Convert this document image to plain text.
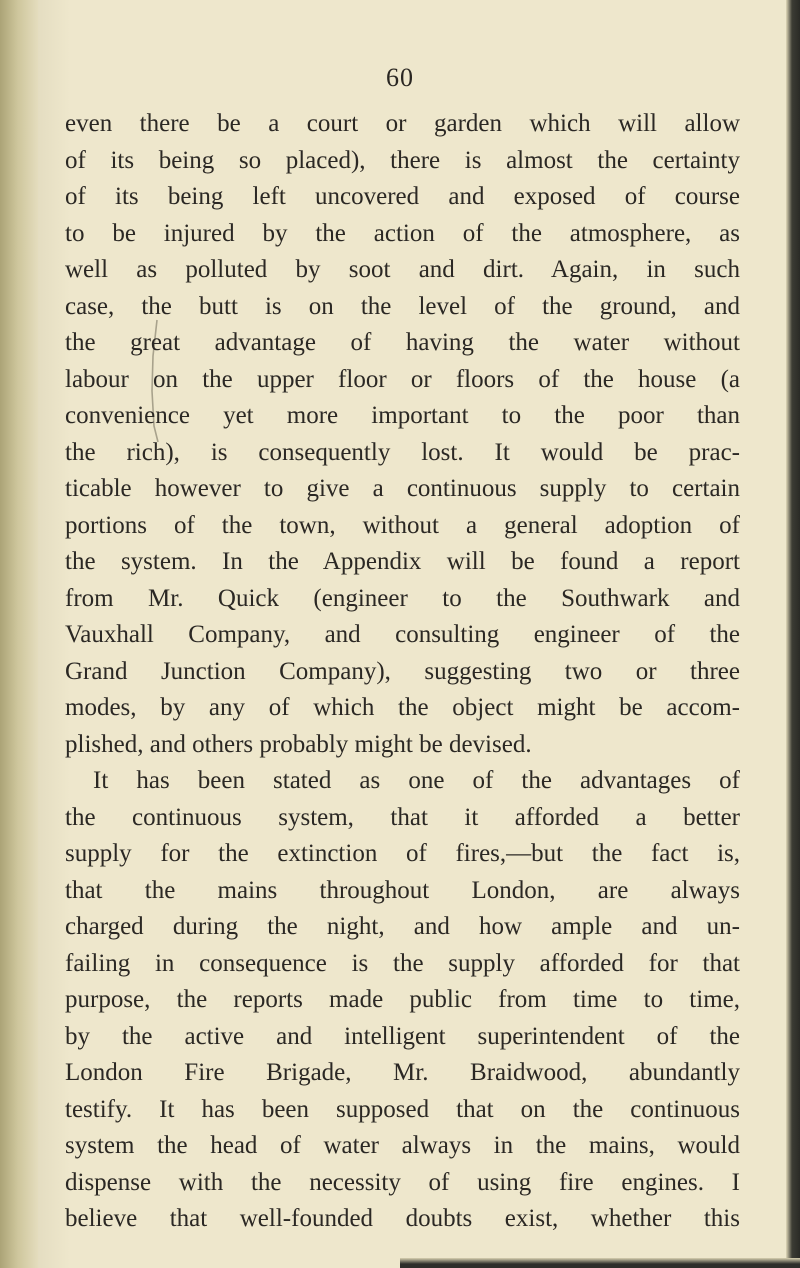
60
even there be a court or garden which will allow
of its being so placed), there is almost the certainty
of its being left uncovered and exposed of course
to be injured by the action of the atmosphere, as
well as polluted by soot and dirt. Again, in such
case, the butt is on the level of the ground, and
the great advantage of having the water without
labour on the upper floor or floors of the house (a
convenience yet more important to the poor than
the rich), is consequently lost. It would be prac-
ticable however to give a continuous supply to certain
portions of the town, without a general adoption of
the system. In the Appendix will be found a report
from Mr. Quick (engineer to the Southwark and
Vauxhall Company, and consulting engineer of the
Grand Junction Company), suggesting two or three
modes, by any of which the object might be accom-
plished, and others probably might be devised.
It has been stated as one of the advantages of
the continuous system, that it afforded a better
supply for the extinction of fires,—but the fact is,
that the mains throughout London, are always
charged during the night, and how ample and un-
failing in consequence is the supply afforded for that
purpose, the reports made public from time to time,
by the active and intelligent superintendent of the
London Fire Brigade, Mr. Braidwood, abundantly
testify. It has been supposed that on the continuous
system the head of water always in the mains, would
dispense with the necessity of using fire engines. I
believe that well-founded doubts exist, whether this
